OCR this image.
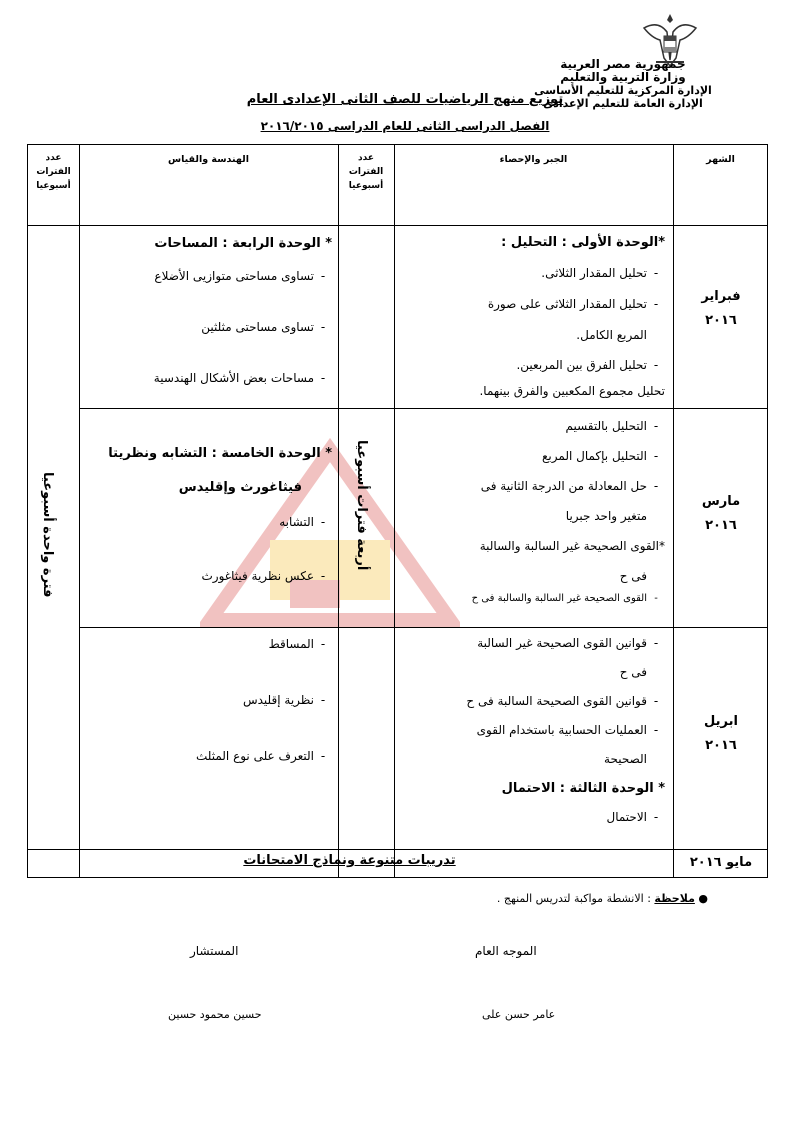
جمهورية مصر العربية
وزارة التربية والتعليم
الإدارة المركزية للتعليم الأساسى
الإدارة العامة للتعليم الإعدادى
توزيع منهج الرياضيات للصف الثانى الإعدادى العام
الفصل الدراسى الثانى للعام الدراسى ٢٠١٦/٢٠١٥
الشهر
الجبر والإحصاء
عدد
الفترات
أسبوعيا
الهندسة والقياس
عدد
الفترات
أسبوعيا
فبراير
٢٠١٦
مارس
٢٠١٦
ابريل
٢٠١٦
مايو ٢٠١٦
*الوحدة الأولى : التحليل :
-تحليل المقدار الثلاثى.
-تحليل المقدار الثلاثى على صورة
المربع الكامل.
-تحليل الفرق بين المربعين.
تحليل مجموع المكعبين والفرق بينهما.
-التحليل بالتقسيم
-التحليل بإكمال المربع
-حل المعادلة من الدرجة الثانية فى
متغير واحد جبريا
*القوى الصحيحة غير السالبة والسالبة
فى ح
-القوى الصحيحة غير السالبة والسالبة فى ح
-قوانين القوى الصحيحة غير السالبة
فى ح
-قوانين القوى الصحيحة السالبة فى ح
-العمليات الحسابية باستخدام القوى
الصحيحة
* الوحدة الثالثة : الاحتمال
-الاحتمال
أربعة فترات أسبوعيا
* الوحدة الرابعة : المساحات
-تساوى مساحتى متوازيى الأضلاع
-تساوى مساحتى مثلثين
-مساحات بعض الأشكال الهندسية
* الوحدة الخامسة : التشابه ونظريتا
فيثاغورث وإقليدس
-التشابه
-عكس نظرية فيثاغورث
-المساقط
-نظرية إقليدس
-التعرف على نوع المثلث
فترة واحدة أسبوعيا
تدريبات متنوعة ونماذج الامتحانات
● ملاحظة : الانشطة مواكبة لتدريس المنهج .
الموجه العام
المستشار
عامر حسن على
حسين محمود حسين
